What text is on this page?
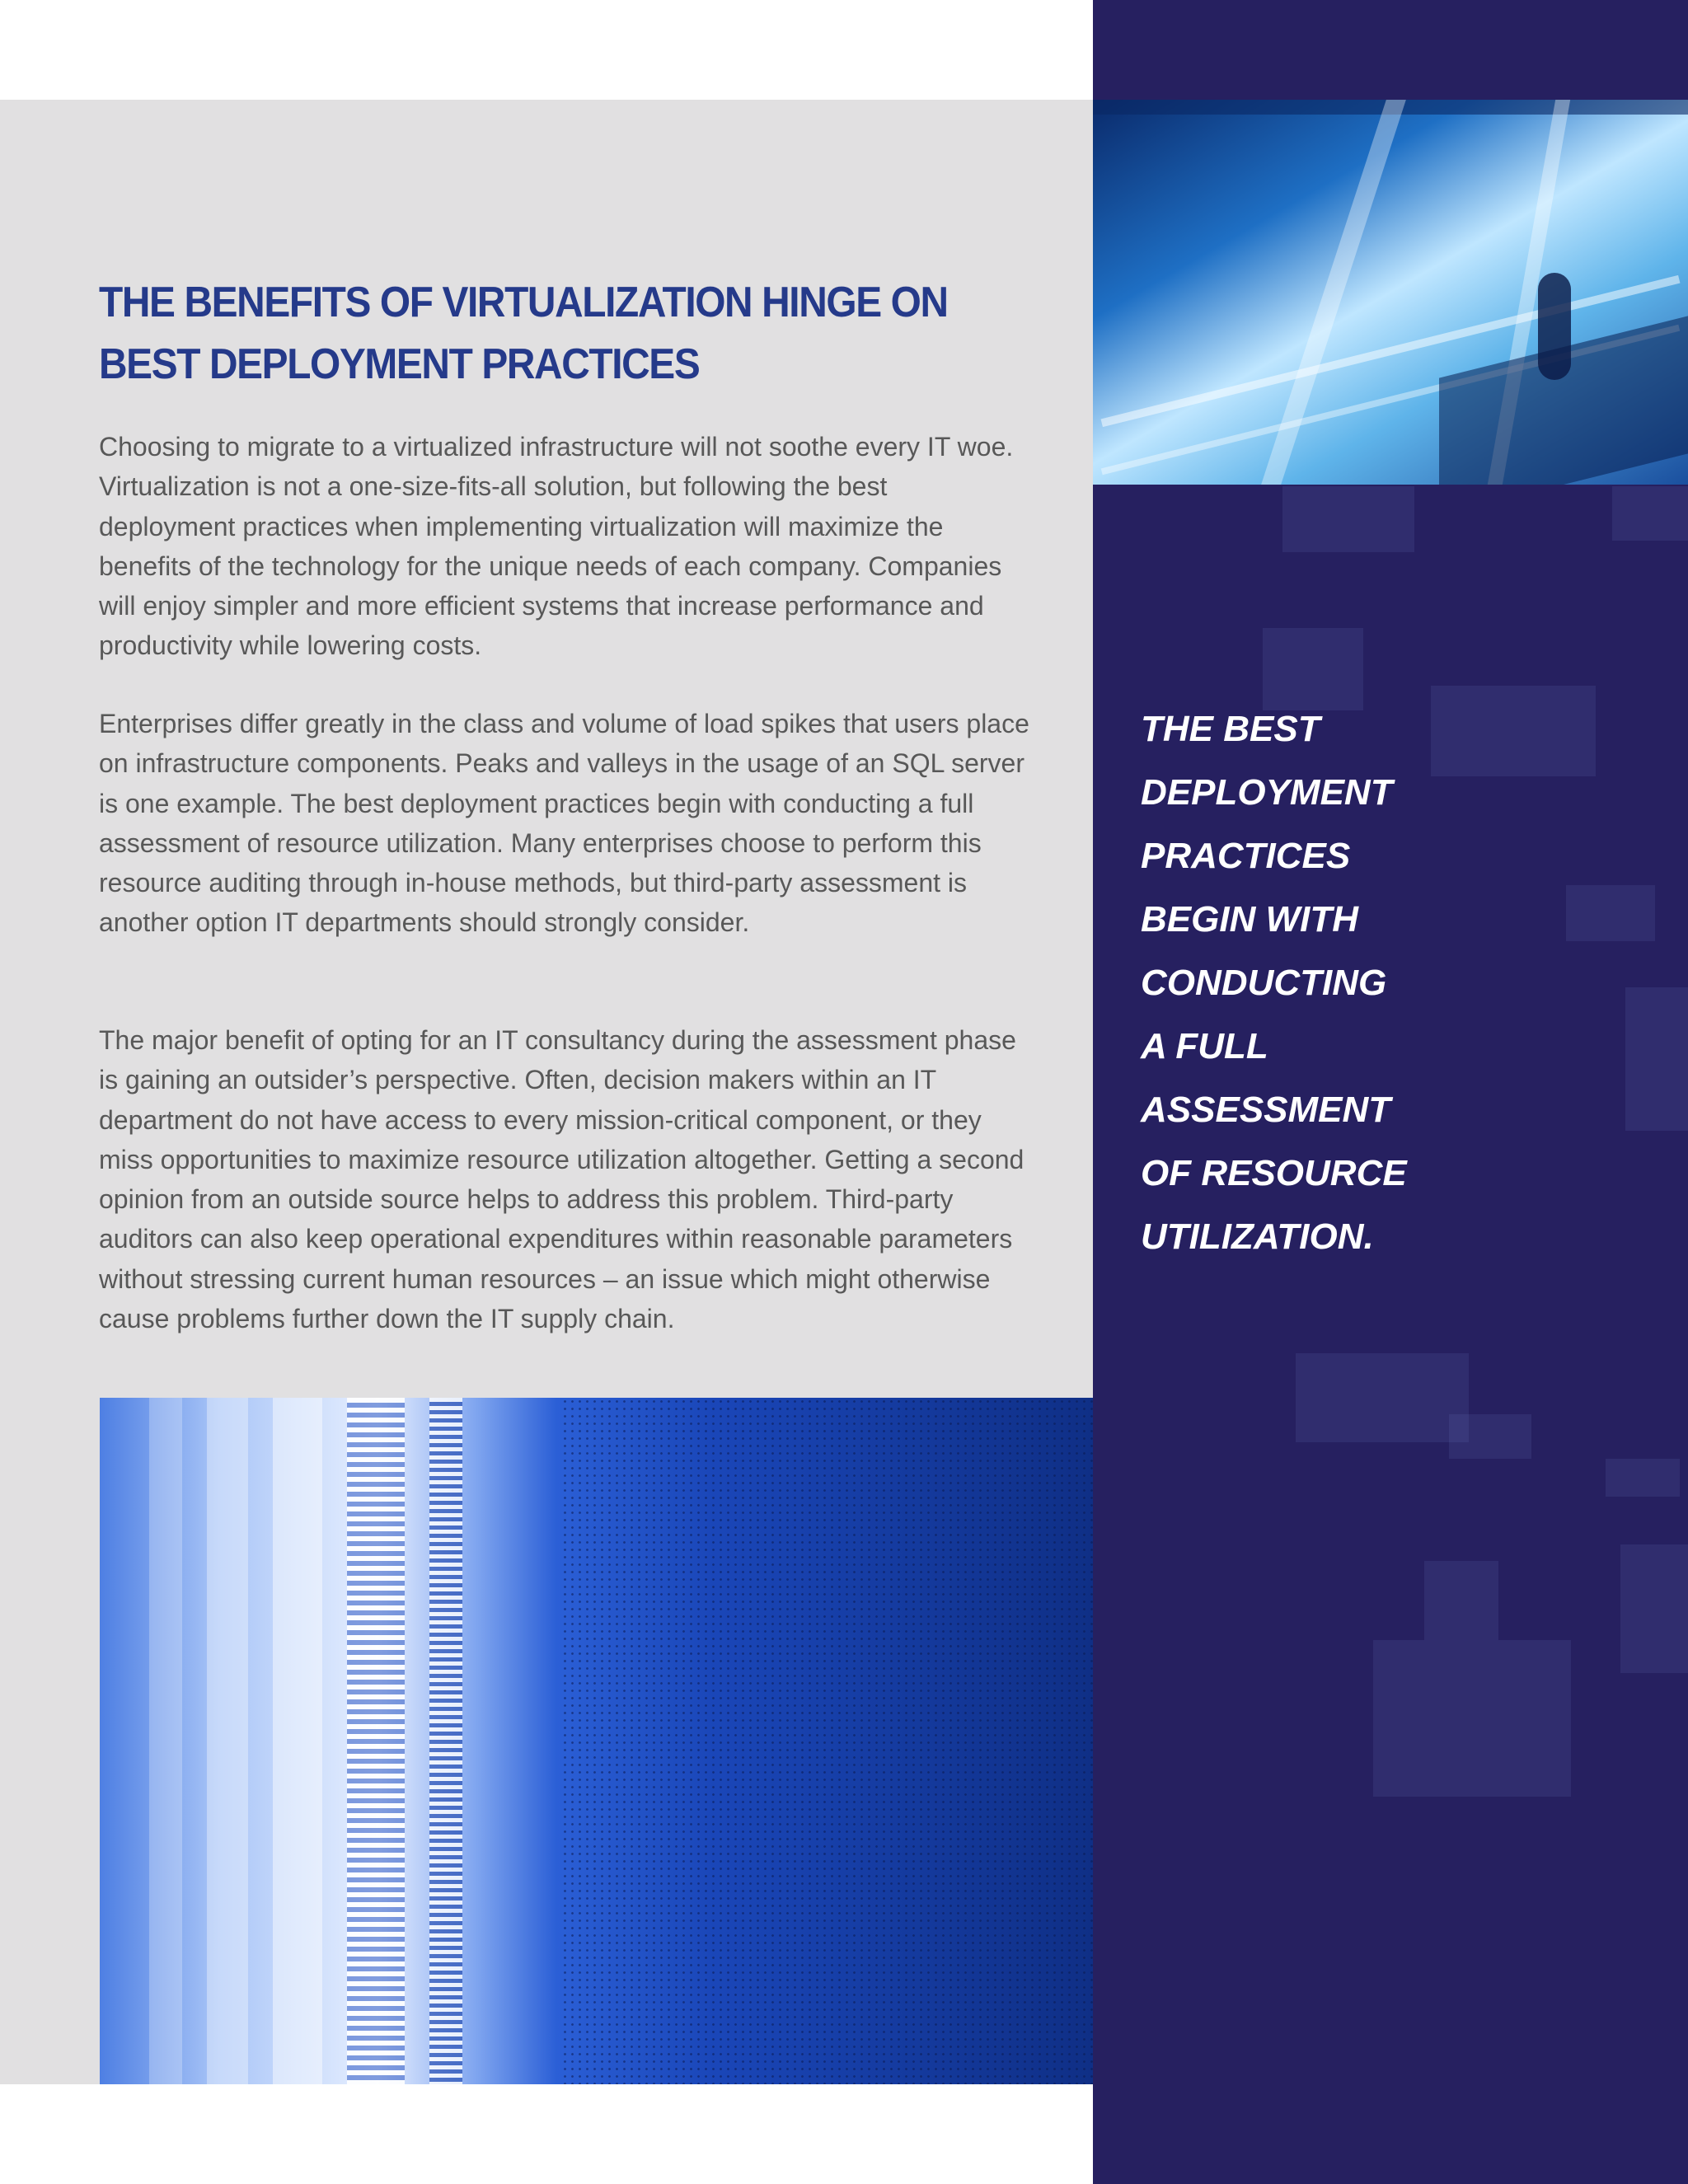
THE BENEFITS OF VIRTUALIZATION HINGE ON BEST DEPLOYMENT PRACTICES

Choosing to migrate to a virtualized infrastructure will not soothe every IT woe. Virtualization is not a one-size-fits-all solution, but following the best deployment practices when implementing virtualization will maximize the benefits of the technology for the unique needs of each company. Companies will enjoy simpler and more efficient systems that increase performance and productivity while lowering costs.

Enterprises differ greatly in the class and volume of load spikes that users place on infrastructure components. Peaks and valleys in the usage of an SQL server is one example. The best deployment practices begin with conducting a full assessment of resource utilization. Many enterprises choose to perform this resource auditing through in-house methods, but third-party assessment is another option IT departments should strongly consider.

The major benefit of opting for an IT consultancy during the assessment phase is gaining an outsider’s perspective. Often, decision makers within an IT department do not have access to every mission-critical component, or they miss opportunities to maximize resource utilization altogether. Getting a second opinion from an outside source helps to address this problem. Third-party auditors can also keep operational expenditures within reasonable parameters without stressing current human resources – an issue which might otherwise cause problems further down the IT supply chain.

THE BEST
DEPLOYMENT
PRACTICES
BEGIN WITH
CONDUCTING
A FULL
ASSESSMENT
OF RESOURCE
UTILIZATION.
